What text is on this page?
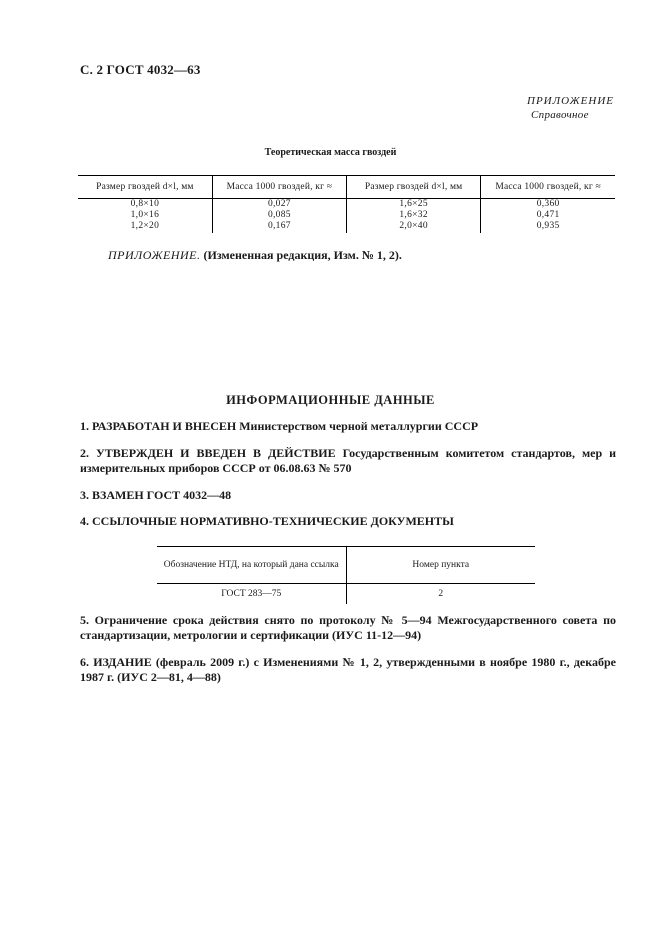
С. 2 ГОСТ 4032—63
ПРИЛОЖЕНИЕ
Справочное
Теоретическая масса гвоздей
Размер гвоздей d×l, мм	Масса 1000 гвоздей, кг ≈	Размер гвоздей d×l, мм	Масса 1000 гвоздей, кг ≈
0,8×10	0,027	1,6×25	0,360
1,0×16	0,085	1,6×32	0,471
1,2×20	0,167	2,0×40	0,935
ПРИЛОЖЕНИЕ. (Измененная редакция, Изм. № 1, 2).
ИНФОРМАЦИОННЫЕ ДАННЫЕ
1. РАЗРАБОТАН И ВНЕСЕН Министерством черной металлургии СССР
2. УТВЕРЖДЕН И ВВЕДЕН В ДЕЙСТВИЕ Государственным комитетом стандартов, мер и измерительных приборов СССР от 06.08.63 № 570
3. ВЗАМЕН ГОСТ 4032—48
4. ССЫЛОЧНЫЕ НОРМАТИВНО-ТЕХНИЧЕСКИЕ ДОКУМЕНТЫ
Обозначение НТД, на который дана ссылка	Номер пункта
ГОСТ 283—75	2
5. Ограничение срока действия снято по протоколу № 5—94 Межгосударственного совета по стандартизации, метрологии и сертификации (ИУС 11-12—94)
6. ИЗДАНИЕ (февраль 2009 г.) с Изменениями № 1, 2, утвержденными в ноябре 1980 г., декабре 1987 г. (ИУС 2—81, 4—88)
